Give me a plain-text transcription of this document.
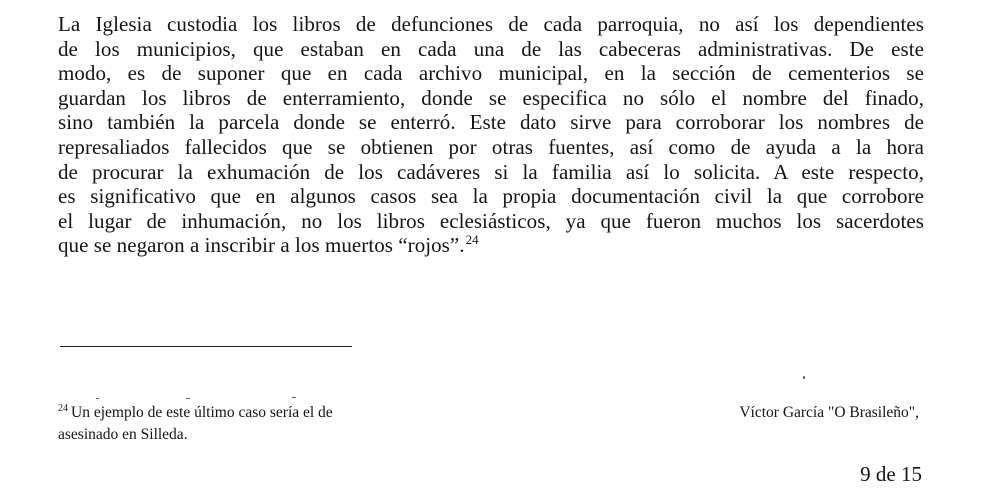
La Iglesia custodia los libros de defunciones de cada parroquia, no así los dependientes
de los municipios, que estaban en cada una de las cabeceras administrativas. De este
modo, es de suponer que en cada archivo municipal, en la sección de cementerios se
guardan los libros de enterramiento, donde se especifica no sólo el nombre del finado,
sino también la parcela donde se enterró. Este dato sirve para corroborar los nombres de
represaliados fallecidos que se obtienen por otras fuentes, así como de ayuda a la hora
de procurar la exhumación de los cadáveres si la familia así lo solicita. A este respecto,
es significativo que en algunos casos sea la propia documentación civil la que corrobore
el lugar de inhumación, no los libros eclesiásticos, ya que fueron muchos los sacerdotes
que se negaron a inscribir a los muertos “rojos”.$^{24}$
$^{24}$ Un ejemplo de este último caso sería el de
asesinado en Silleda.
Víctor García "O Brasileño",
9 de 15
